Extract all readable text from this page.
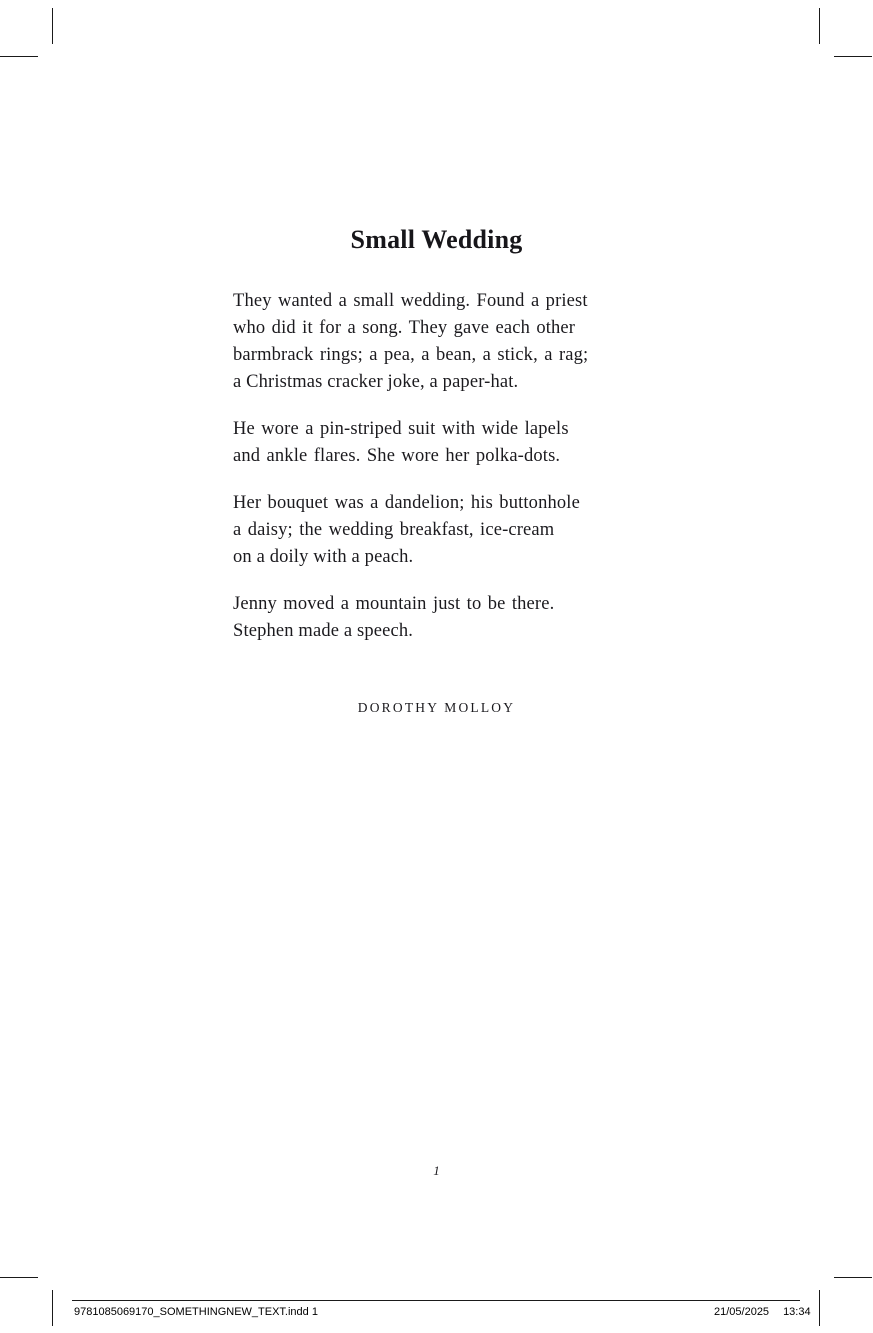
Small Wedding

They wanted a small wedding. Found a priest
who did it for a song. They gave each other
barmbrack rings; a pea, a bean, a stick, a rag;
a Christmas cracker joke, a paper-hat.

He wore a pin-striped suit with wide lapels
and ankle flares. She wore her polka-dots.

Her bouquet was a dandelion; his buttonhole
a daisy; the wedding breakfast, ice-cream
on a doily with a peach.

Jenny moved a mountain just to be there.
Stephen made a speech.

DOROTHY MOLLOY
1
9781085069170_SOMETHINGNEW_TEXT.indd 1	21/05/2025 13:34
